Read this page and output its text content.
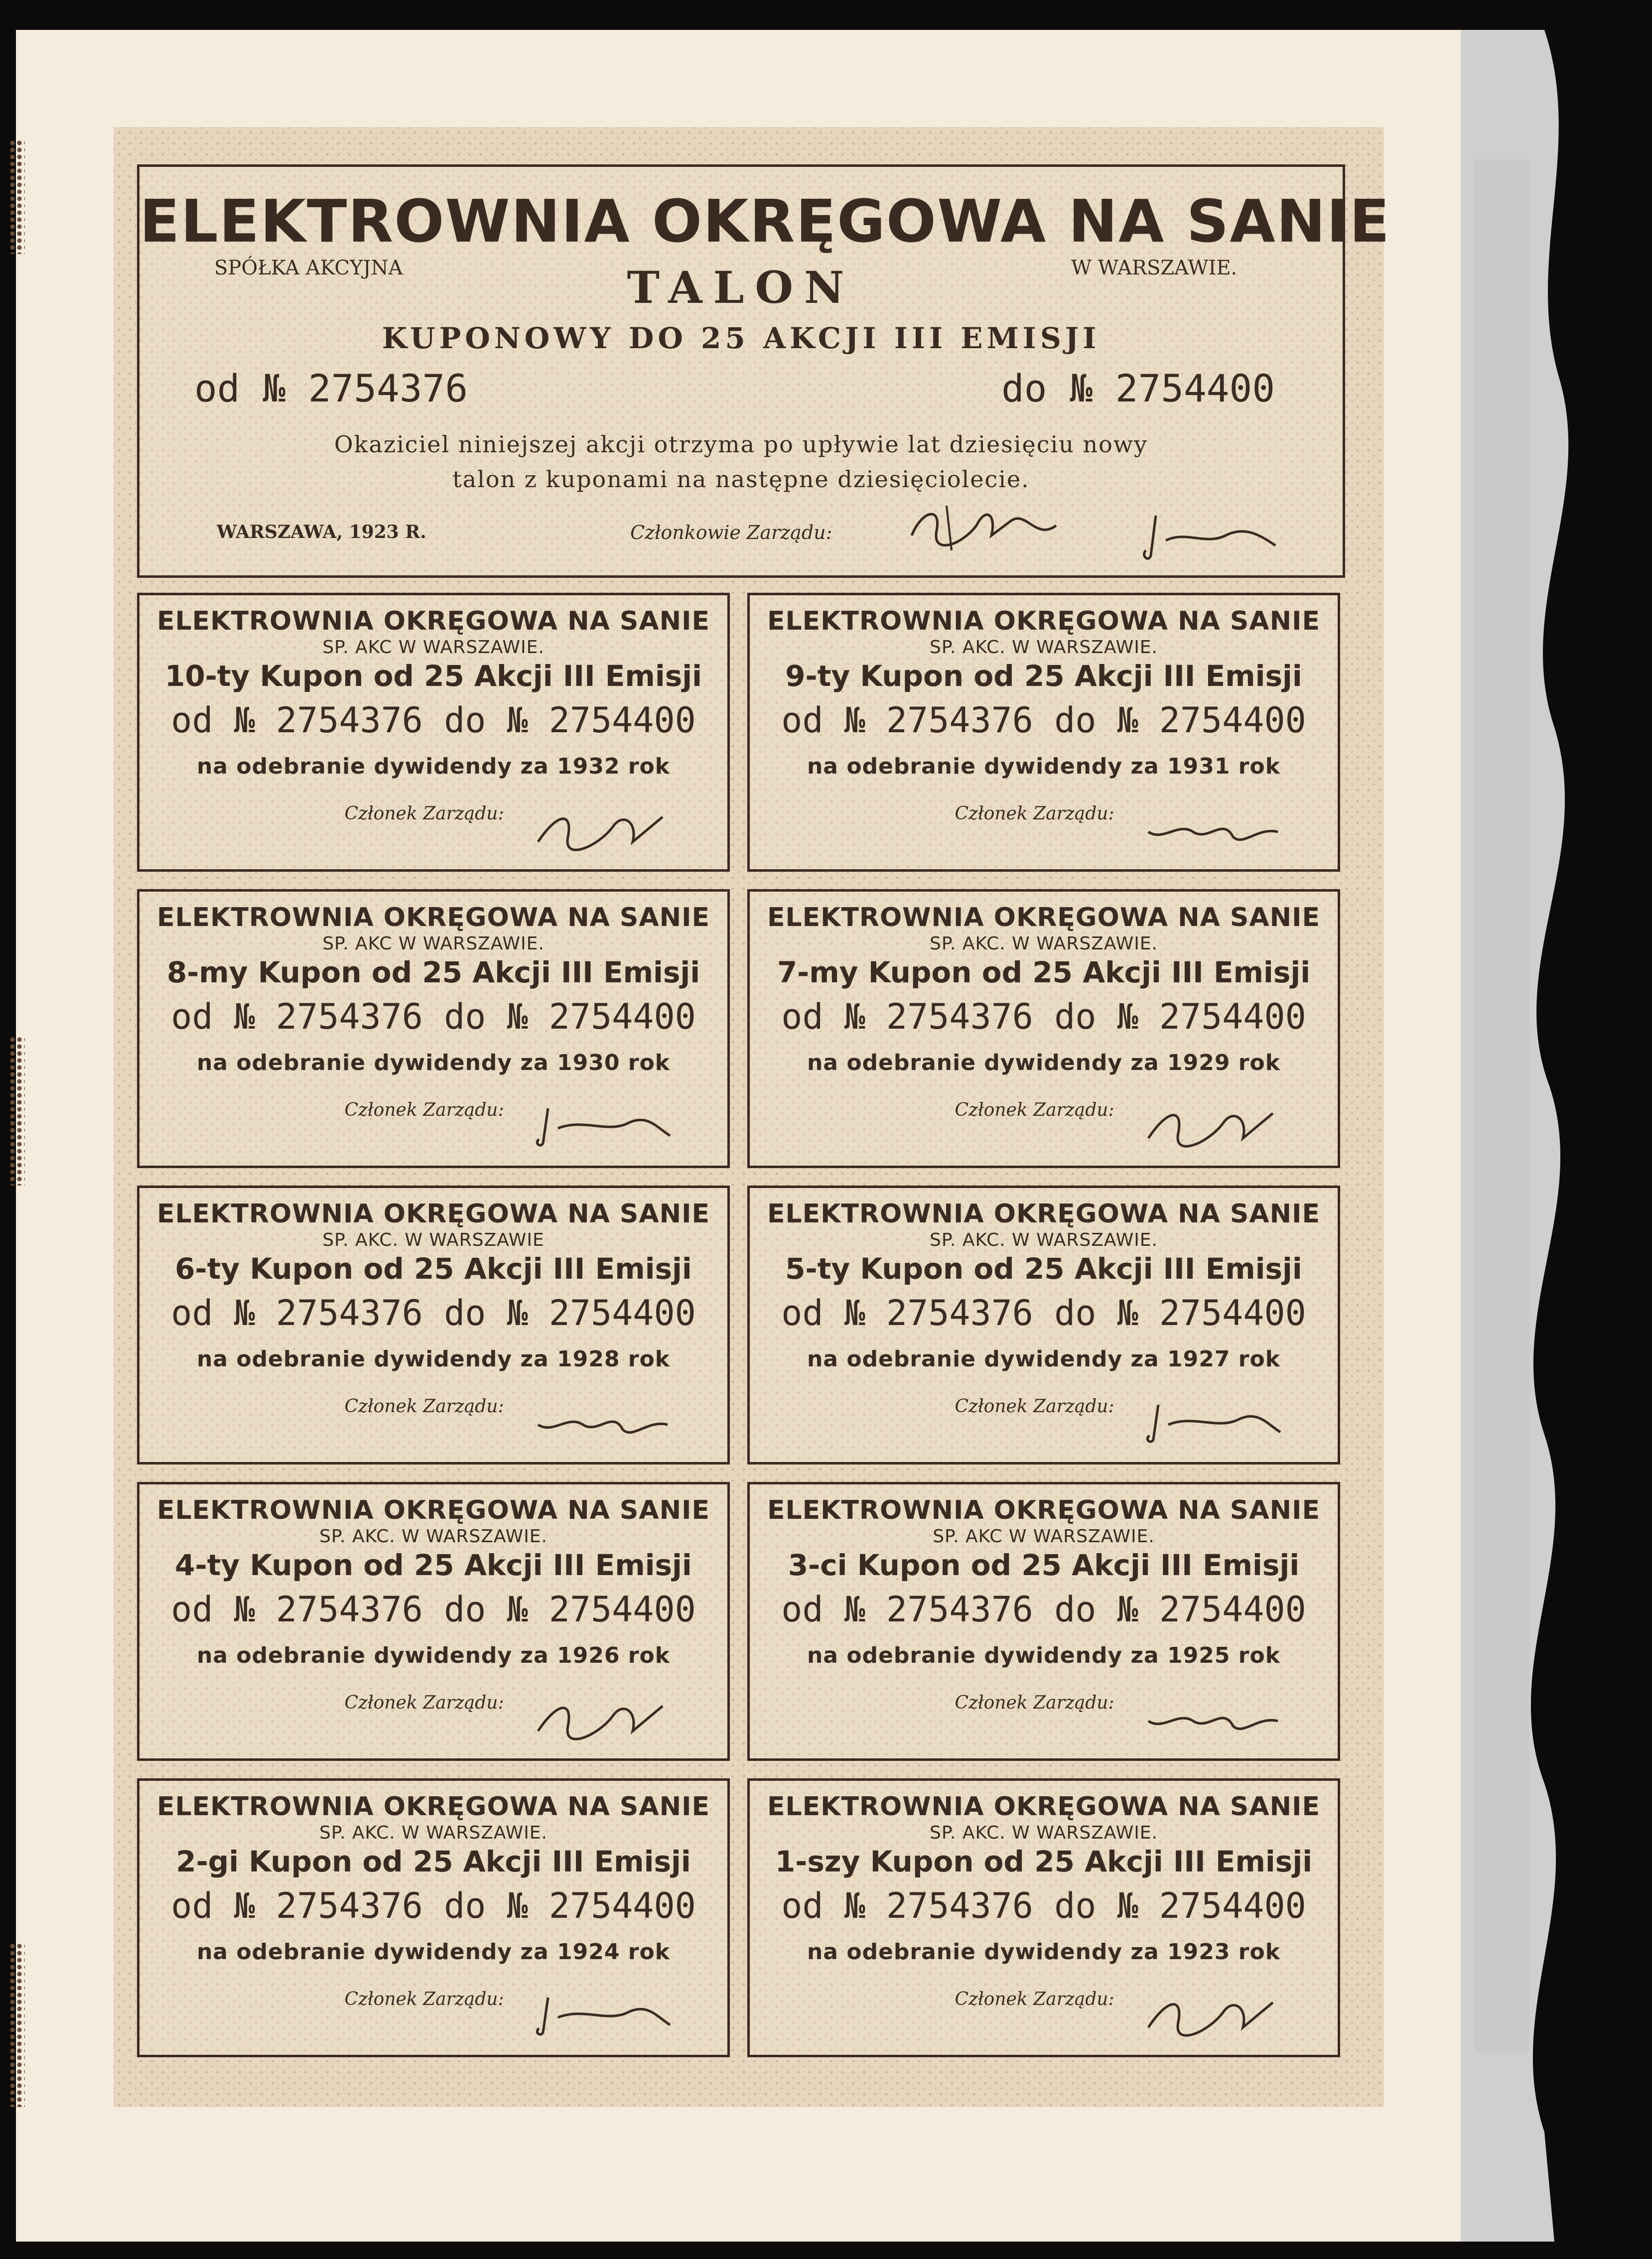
ELEKTROWNIA OKRĘGOWA NA SANIE

SPÓŁKA AKCYJNA	W WARSZAWIE.

TALON

KUPONOWY DO 25 AKCJI III EMISJI

od № 2754376	do № 2754400

Okaziciel niniejszej akcji otrzyma po upływie lat dziesięciu nowy

talon z kuponami na następne dziesięciolecie.

WARSZAWA, 1923 R.	Członkowie Zarządu:

ELEKTROWNIA OKRĘGOWA NA SANIE

SP. AKC W WARSZAWIE.

10-ty Kupon od 25 Akcji III Emisji

od № 2754376 do № 2754400

na odebranie dywidendy za 1932 rok

Członek Zarządu:

ELEKTROWNIA OKRĘGOWA NA SANIE

SP. AKC. W WARSZAWIE.

9-ty Kupon od 25 Akcji III Emisji

od № 2754376 do № 2754400

na odebranie dywidendy za 1931 rok

Członek Zarządu:

ELEKTROWNIA OKRĘGOWA NA SANIE

SP. AKC W WARSZAWIE.

8-my Kupon od 25 Akcji III Emisji

od № 2754376 do № 2754400

na odebranie dywidendy za 1930 rok

Członek Zarządu:

ELEKTROWNIA OKRĘGOWA NA SANIE

SP. AKC. W WARSZAWIE.

7-my Kupon od 25 Akcji III Emisji

od № 2754376 do № 2754400

na odebranie dywidendy za 1929 rok

Członek Zarządu:

ELEKTROWNIA OKRĘGOWA NA SANIE

SP. AKC. W WARSZAWIE

6-ty Kupon od 25 Akcji III Emisji

od № 2754376 do № 2754400

na odebranie dywidendy za 1928 rok

Członek Zarządu:

ELEKTROWNIA OKRĘGOWA NA SANIE

SP. AKC. W WARSZAWIE.

5-ty Kupon od 25 Akcji III Emisji

od № 2754376 do № 2754400

na odebranie dywidendy za 1927 rok

Członek Zarządu:

ELEKTROWNIA OKRĘGOWA NA SANIE

SP. AKC. W WARSZAWIE.

4-ty Kupon od 25 Akcji III Emisji

od № 2754376 do № 2754400

na odebranie dywidendy za 1926 rok

Członek Zarządu:

ELEKTROWNIA OKRĘGOWA NA SANIE

SP. AKC W WARSZAWIE.

3-ci Kupon od 25 Akcji III Emisji

od № 2754376 do № 2754400

na odebranie dywidendy za 1925 rok

Członek Zarządu:

ELEKTROWNIA OKRĘGOWA NA SANIE

SP. AKC. W WARSZAWIE.

2-gi Kupon od 25 Akcji III Emisji

od № 2754376 do № 2754400

na odebranie dywidendy za 1924 rok

Członek Zarządu:

ELEKTROWNIA OKRĘGOWA NA SANIE

SP. AKC. W WARSZAWIE.

1-szy Kupon od 25 Akcji III Emisji

od № 2754376 do № 2754400

na odebranie dywidendy za 1923 rok

Członek Zarządu:
